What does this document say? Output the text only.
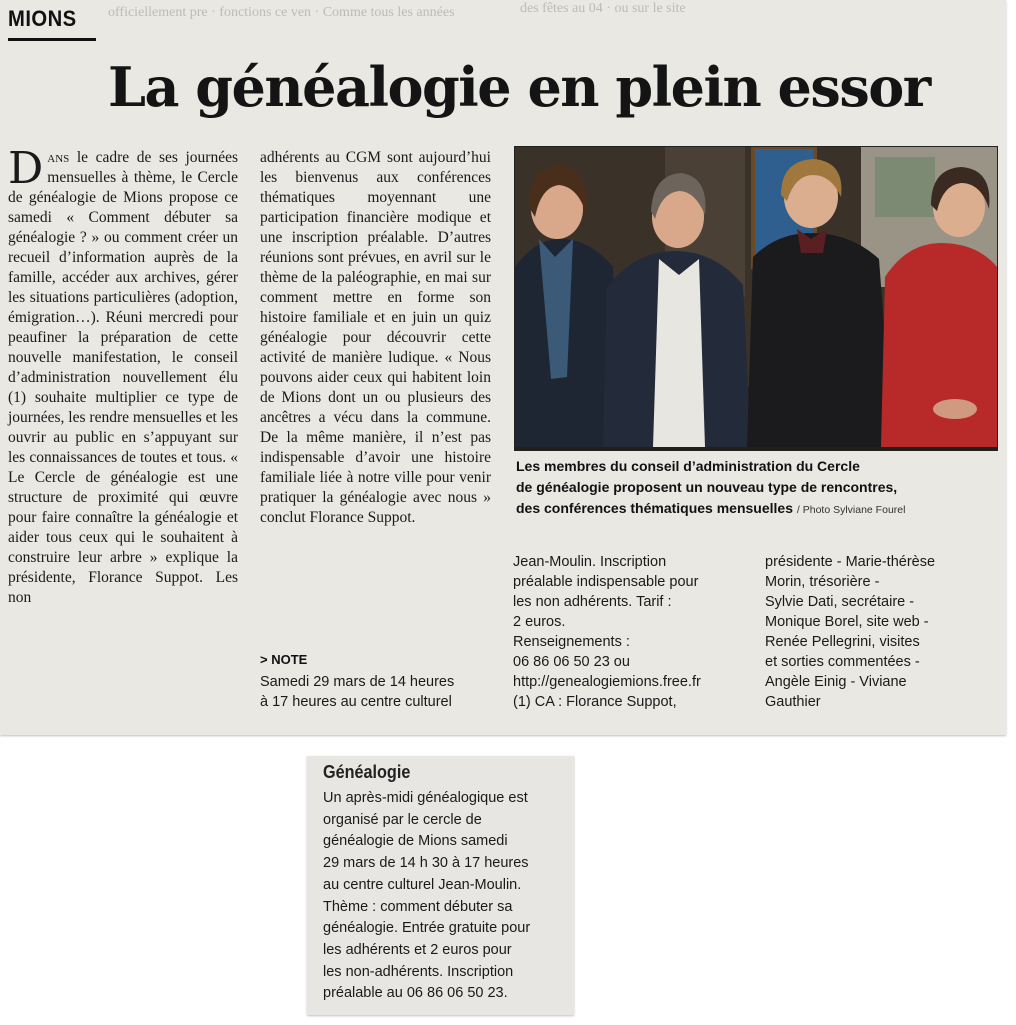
officiellement pre · fonctions ce ven · Comme tous les années	des fêtes au 04 · ou sur le site
MIONS
La généalogie en plein essor

Dans le cadre de ses journées mensuelles à thème, le Cercle de généalogie de Mions propose ce samedi « Comment débuter sa généalogie ? » ou comment créer un recueil d’information auprès de la famille, accéder aux archives, gérer les situations particulières (adoption, émigration…). Réuni mercredi pour peaufiner la préparation de cette nouvelle manifestation, le conseil d’administration nouvellement élu (1) souhaite multiplier ce type de journées, les rendre mensuelles et les ouvrir au public en s’appuyant sur les connaissances de toutes et tous. « Le Cercle de généalogie est une structure de proximité qui œuvre pour faire connaître la généalogie et aider tous ceux qui le souhaitent à construire leur arbre » explique la présidente, Florance Suppot. Les non

adhérents au CGM sont aujourd’hui les bienvenus aux conférences thématiques moyennant une participation financière modique et une inscription préalable. D’autres réunions sont prévues, en avril sur le thème de la paléographie, en mai sur comment mettre en forme son histoire familiale et en juin un quiz généalogie pour découvrir cette activité de manière ludique. « Nous pouvons aider ceux qui habitent loin de Mions dont un ou plusieurs des ancêtres a vécu dans la commune. De la même manière, il n’est pas indispensable d’avoir une histoire familiale liée à notre ville pour venir pratiquer la généalogie avec nous » conclut Florance Suppot.

> NOTE
Samedi 29 mars de 14 heures
à 17 heures au centre culturel
Les membres du conseil d’administration du Cercle
de généalogie proposent un nouveau type de rencontres,
des conférences thématiques mensuelles / Photo Sylviane Fourel
Jean-Moulin. Inscription
préalable indispensable pour
les non adhérents. Tarif :
2 euros.
Renseignements :
06 86 06 50 23 ou
http://genealogiemions.free.fr
(1) CA : Florance Suppot,
présidente - Marie-thérèse
Morin, trésorière -
Sylvie Dati, secrétaire -
Monique Borel, site web -
Renée Pellegrini, visites
et sorties commentées -
Angèle Einig - Viviane
Gauthier
Généalogie
Un après-midi généalogique est
organisé par le cercle de
généalogie de Mions samedi
29 mars de 14 h 30 à 17 heures
au centre culturel Jean-Moulin.
Thème : comment débuter sa
généalogie. Entrée gratuite pour
les adhérents et 2 euros pour
les non-adhérents. Inscription
préalable au 06 86 06 50 23.
